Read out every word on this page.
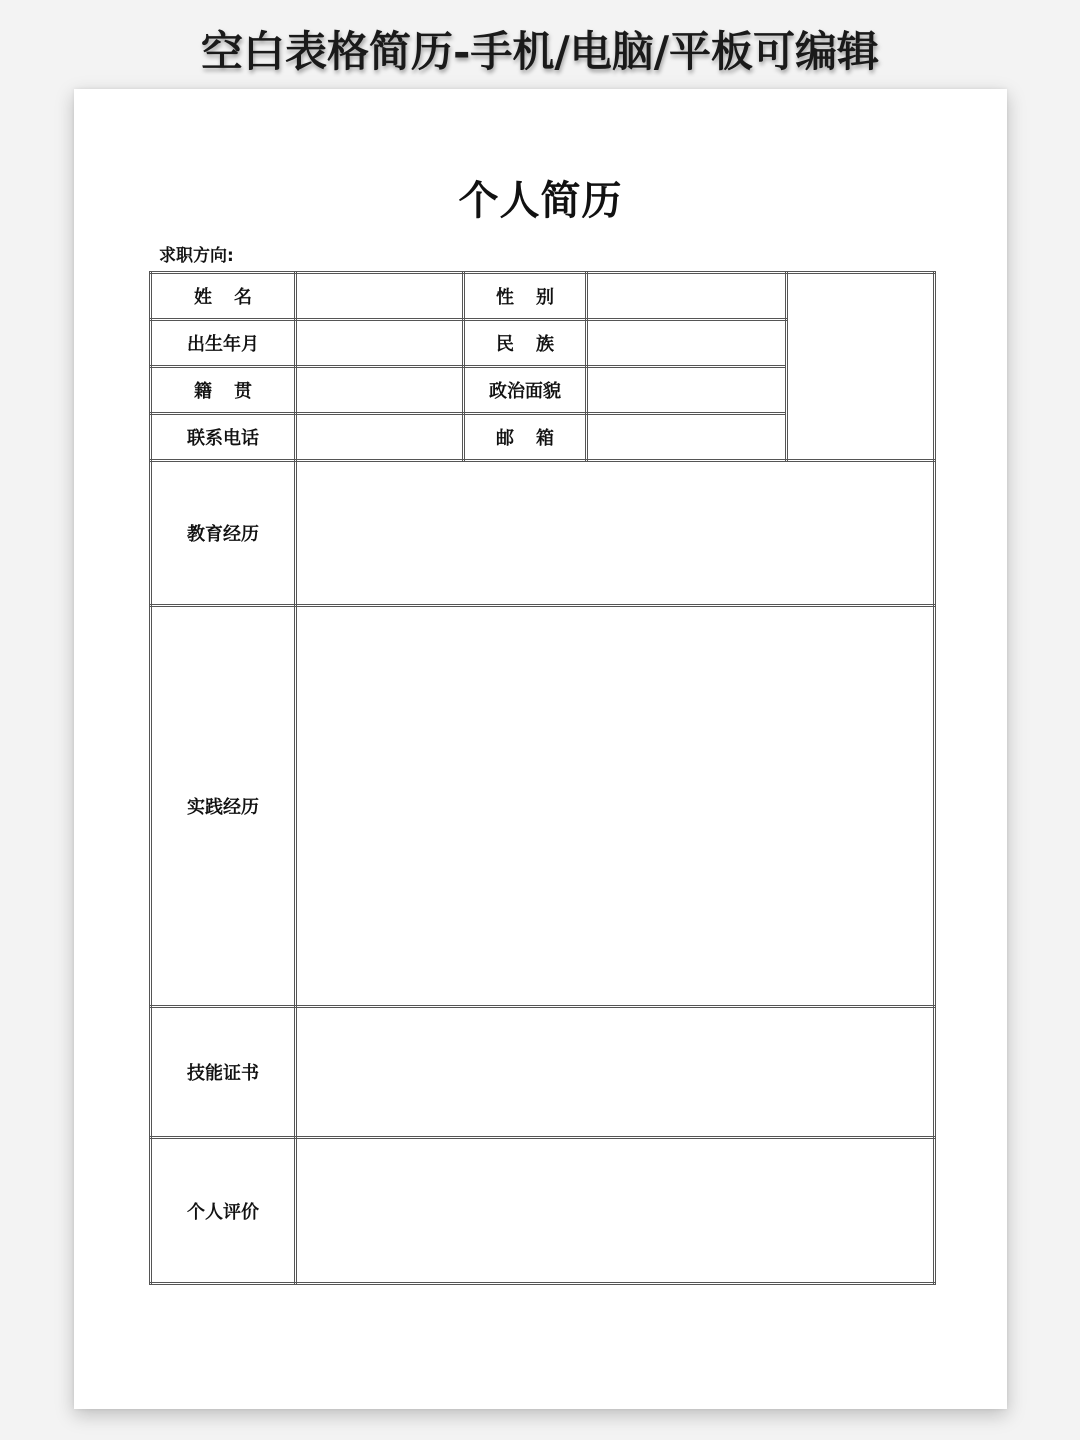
空白表格简历-手机/电脑/平板可编辑
个人简历
求职方向:
姓 名		性 别		
出生年月		民 族		
籍 贯		政治面貌		
联系电话		邮 箱		
教育经历				
实践经历				
技能证书				
个人评价				
